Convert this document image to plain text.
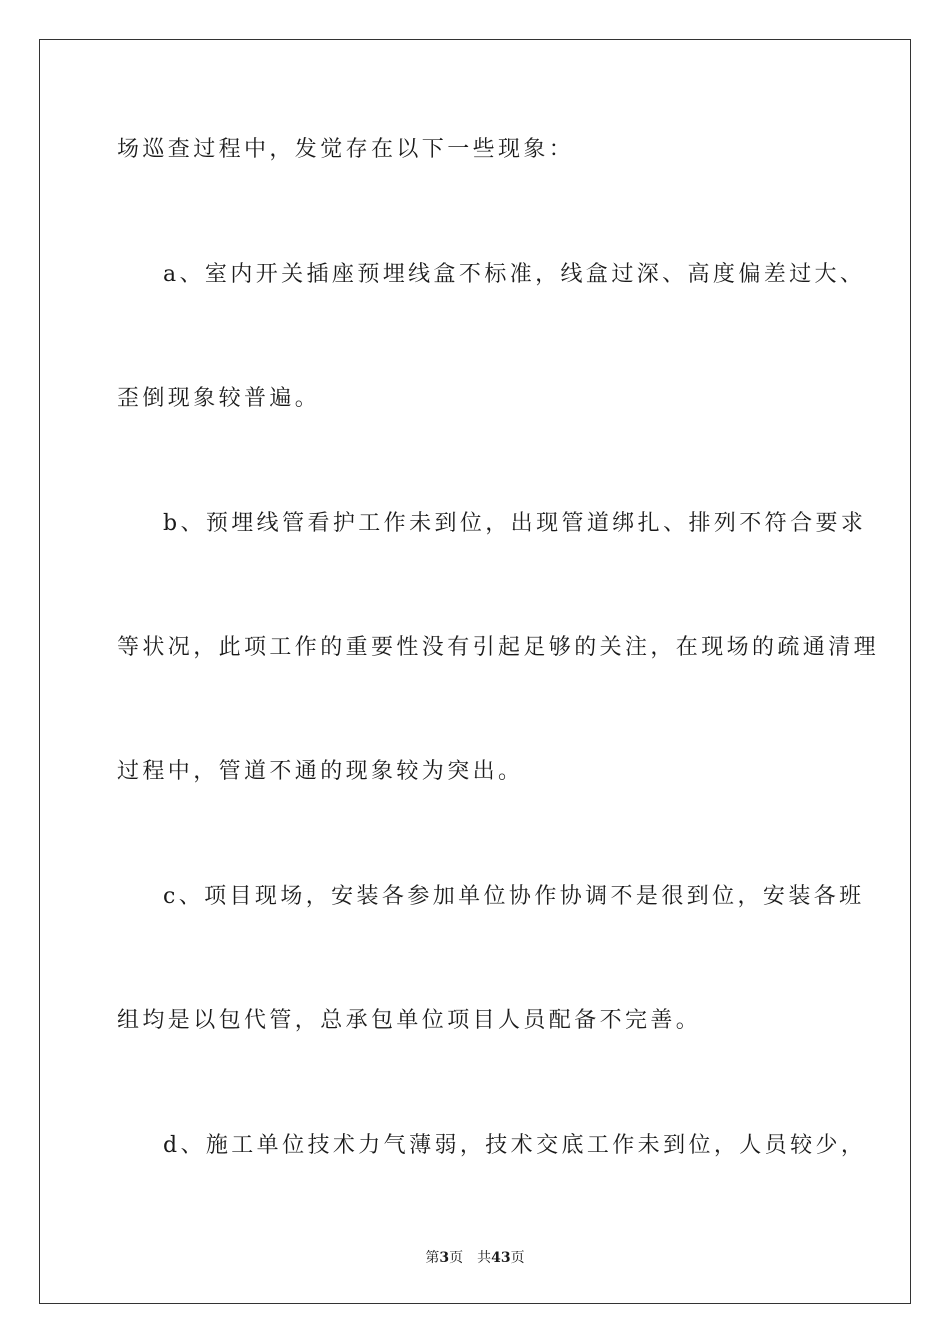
场巡查过程中，发觉存在以下一些现象：
a、室内开关插座预埋线盒不标准，线盒过深、高度偏差过大、
歪倒现象较普遍。
b、预埋线管看护工作未到位，出现管道绑扎、排列不符合要求
等状况，此项工作的重要性没有引起足够的关注，在现场的疏通清理
过程中，管道不通的现象较为突出。
c、项目现场，安装各参加单位协作协调不是很到位，安装各班
组均是以包代管，总承包单位项目人员配备不完善。
d、施工单位技术力气薄弱，技术交底工作未到位，人员较少，
第3页 共43页
